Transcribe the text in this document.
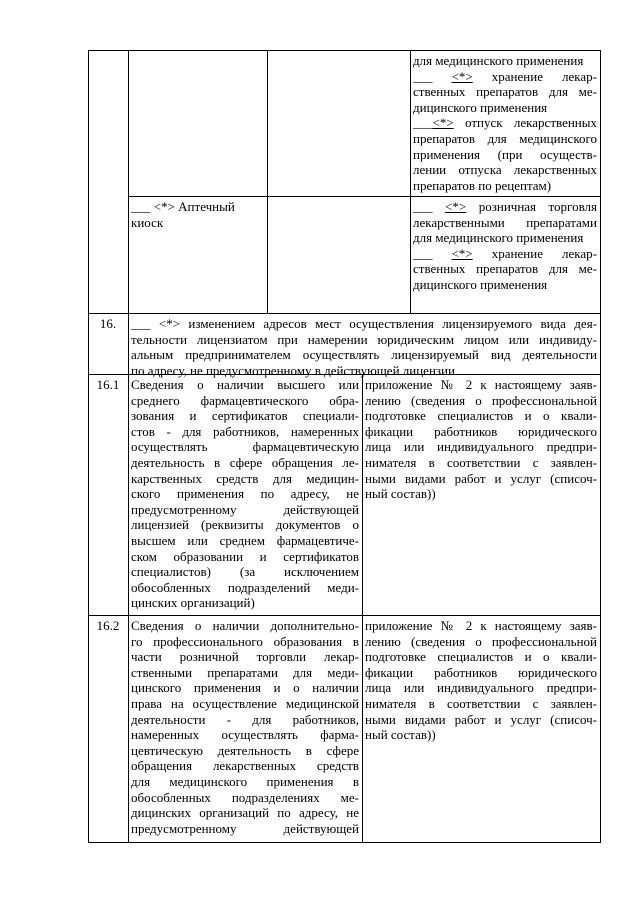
для медицинского применения
___ <*> хранение лекар-
ственных препаратов для ме-
дицинского применения
___<*> отпуск лекарственных
препаратов для медицинского
применения (при осуществ-
лении отпуска лекарственных
препаратов по рецептам)
___ <*> Аптечный
киоск
___ <*> розничная торговля
лекарственными препаратами
для медицинского применения
___ <*> хранение лекар-
ственных препаратов для ме-
дицинского применения
16.	___ <*> изменением адресов мест осуществления лицензируемого вида дея-
тельности лицензиатом при намерении юридическим лицом или индивиду-
альным предпринимателем осуществлять лицензируемый вид деятельности
по адресу, не предусмотренному в действующей лицензии
16.1 Сведения о наличии высшего или
среднего фармацевтического обра-
зования и сертификатов специали-
стов - для работников, намеренных
осуществлять фармацевтическую
деятельность в сфере обращения ле-
карственных средств для медицин-
ского применения по адресу, не
предусмотренному действующей
лицензией (реквизиты документов о
высшем или среднем фармацевтиче-
ском образовании и сертификатов
специалистов) (за исключением
обособленных подразделений меди-
цинских организаций)
приложение № 2 к настоящему заяв-
лению (сведения о профессиональной
подготовке специалистов и о квали-
фикации работников юридического
лица или индивидуального предпри-
нимателя в соответствии с заявлен-
ными видами работ и услуг (списоч-
ный состав))
16.2 Сведения о наличии дополнительно-
го профессионального образования в
части розничной торговли лекар-
ственными препаратами для меди-
цинского применения и о наличии
права на осуществление медицинской
деятельности - для работников,
намеренных осуществлять фарма-
цевтическую деятельность в сфере
обращения лекарственных средств
для медицинского применения в
обособленных подразделениях ме-
дицинских организаций по адресу, не
предусмотренному действующей
приложение № 2 к настоящему заяв-
лению (сведения о профессиональной
подготовке специалистов и о квали-
фикации работников юридического
лица или индивидуального предпри-
нимателя в соответствии с заявлен-
ными видами работ и услуг (списоч-
ный состав))
